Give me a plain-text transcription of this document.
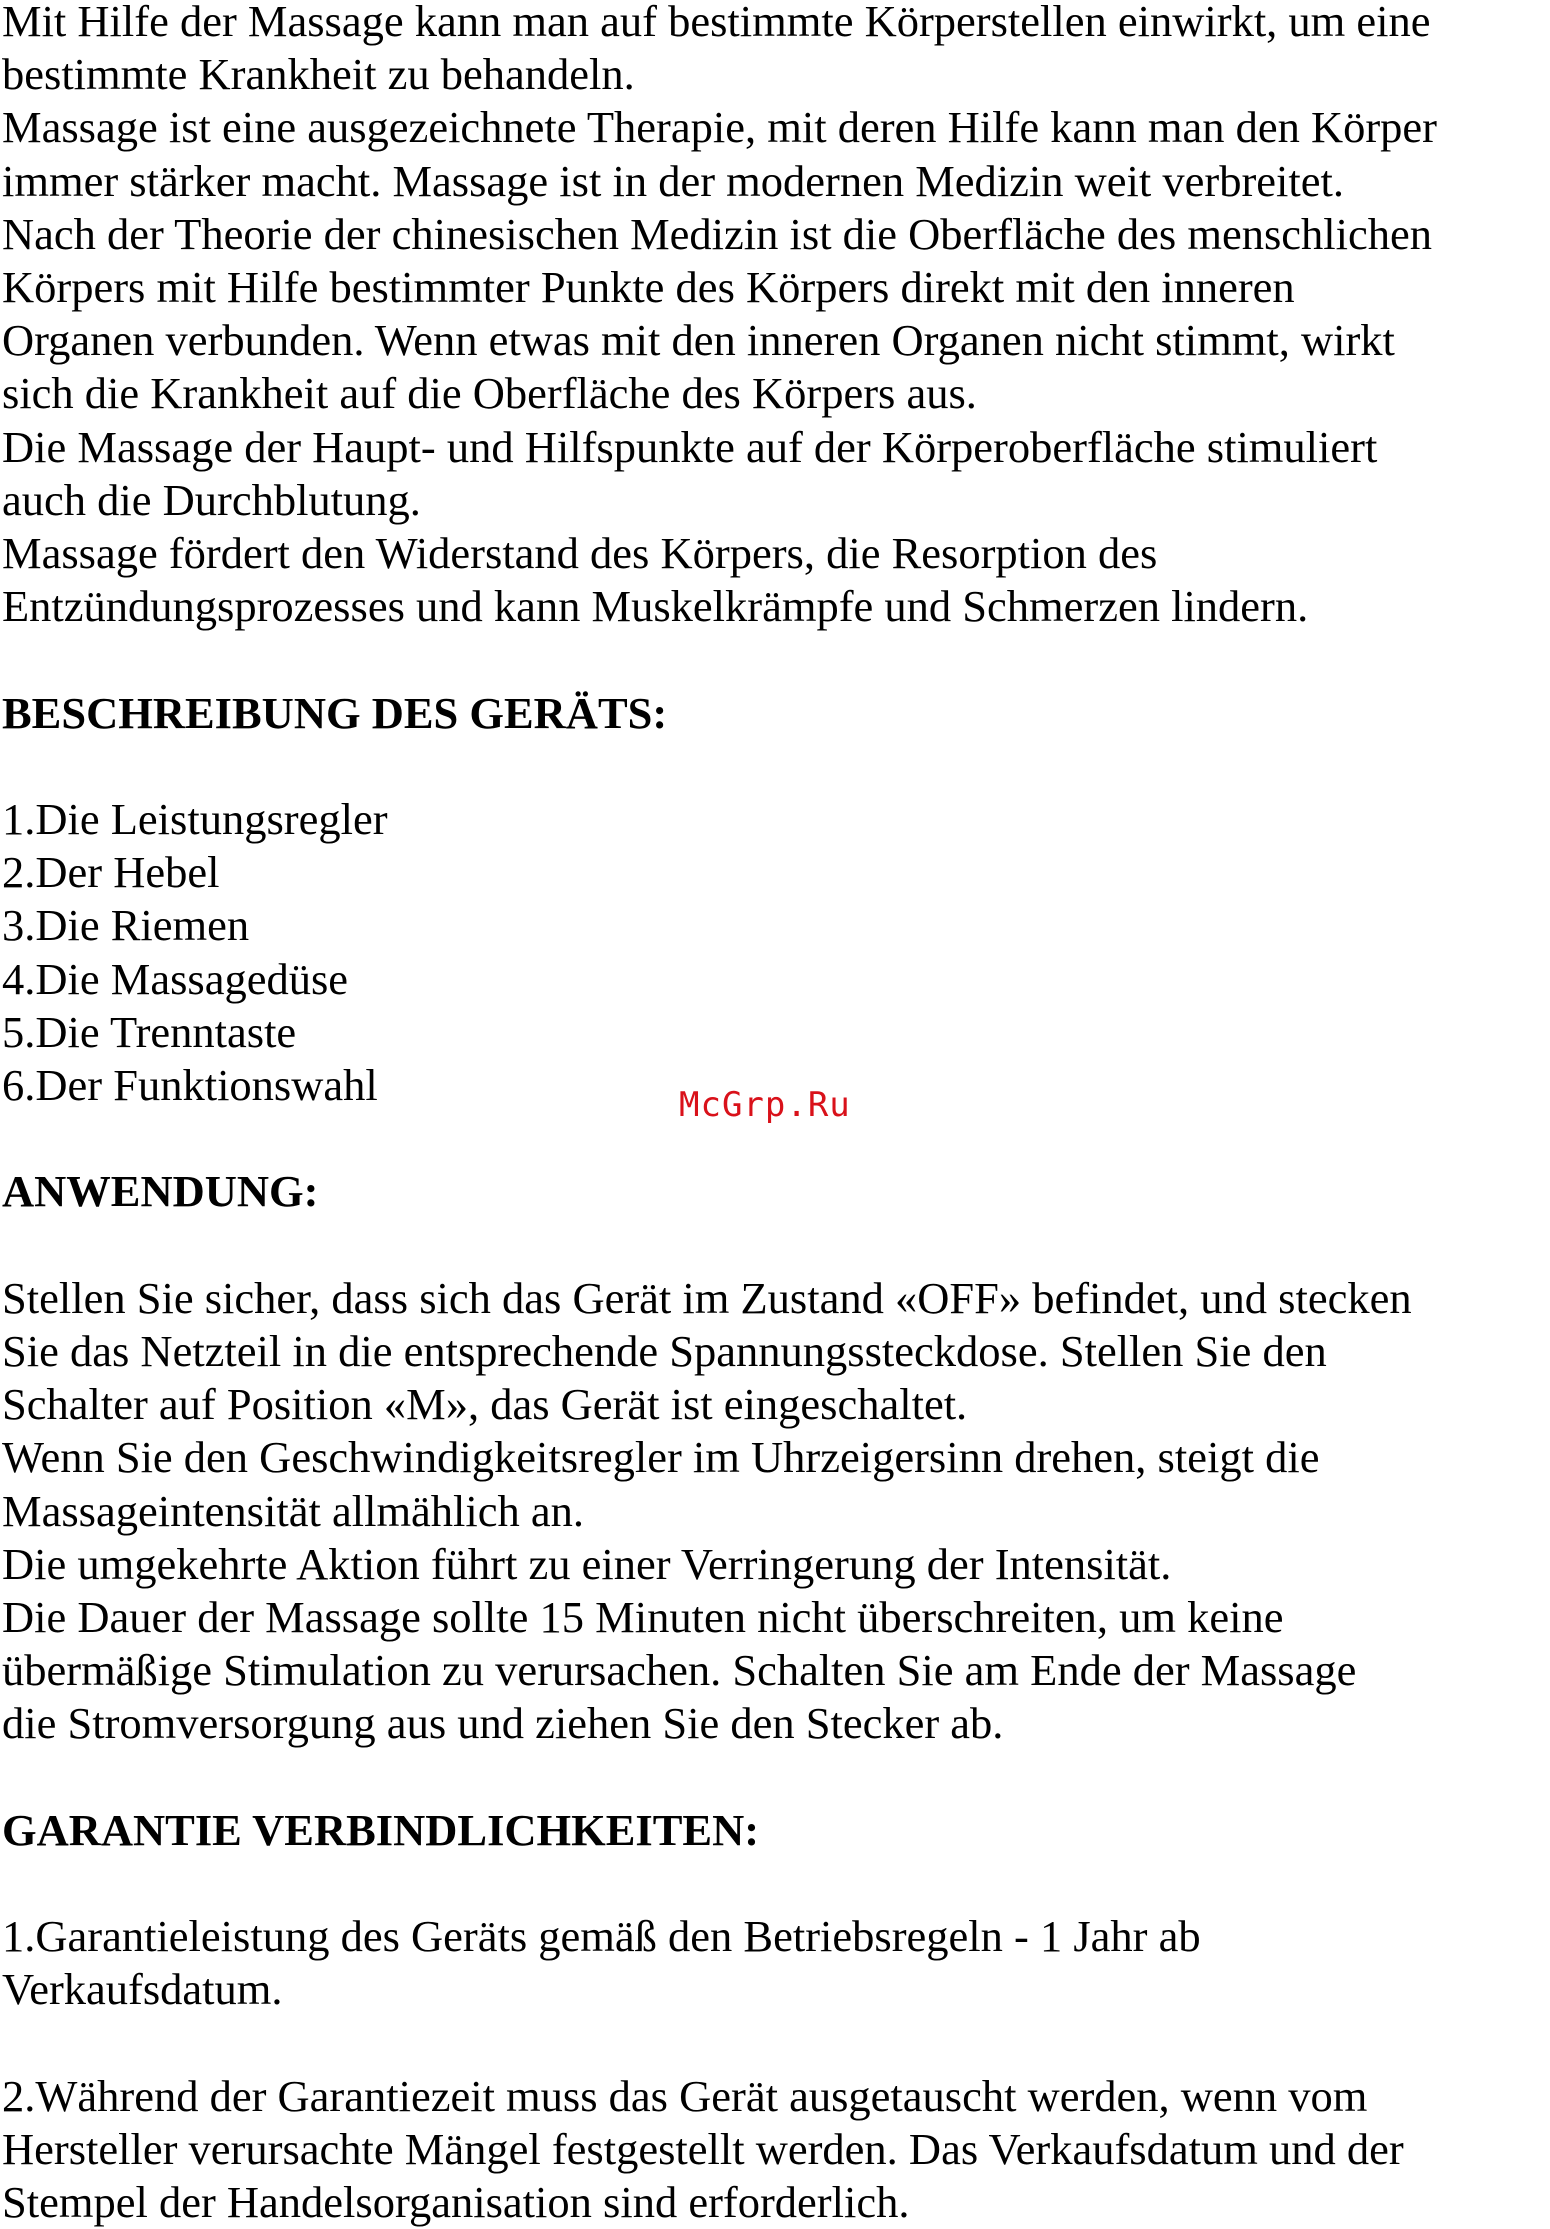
Mit Hilfe der Massage kann man auf bestimmte Körperstellen einwirkt, um eine
bestimmte Krankheit zu behandeln.
Massage ist eine ausgezeichnete Therapie, mit deren Hilfe kann man den Körper
immer stärker macht. Massage ist in der modernen Medizin weit verbreitet.
Nach der Theorie der chinesischen Medizin ist die Oberfläche des menschlichen
Körpers mit Hilfe bestimmter Punkte des Körpers direkt mit den inneren
Organen verbunden. Wenn etwas mit den inneren Organen nicht stimmt, wirkt
sich die Krankheit auf die Oberfläche des Körpers aus.
Die Massage der Haupt- und Hilfspunkte auf der Körperoberfläche stimuliert
auch die Durchblutung.
Massage fördert den Widerstand des Körpers, die Resorption des
Entzündungsprozesses und kann Muskelkrämpfe und Schmerzen lindern.
BESCHREIBUNG DES GERÄTS:
1.Die Leistungsregler
2.Der Hebel
3.Die Riemen
4.Die Massagedüse
5.Die Trenntaste
6.Der Funktionswahl
ANWENDUNG:
Stellen Sie sicher, dass sich das Gerät im Zustand «OFF» befindet, und stecken
Sie das Netzteil in die entsprechende Spannungssteckdose. Stellen Sie den
Schalter auf Position «M», das Gerät ist eingeschaltet.
Wenn Sie den Geschwindigkeitsregler im Uhrzeigersinn drehen, steigt die
Massageintensität allmählich an.
Die umgekehrte Aktion führt zu einer Verringerung der Intensität.
Die Dauer der Massage sollte 15 Minuten nicht überschreiten, um keine
übermäßige Stimulation zu verursachen. Schalten Sie am Ende der Massage
die Stromversorgung aus und ziehen Sie den Stecker ab.
GARANTIE VERBINDLICHKEITEN:
1.Garantieleistung des Geräts gemäß den Betriebsregeln - 1 Jahr ab
Verkaufsdatum.
2.Während der Garantiezeit muss das Gerät ausgetauscht werden, wenn vom
Hersteller verursachte Mängel festgestellt werden. Das Verkaufsdatum und der
Stempel der Handelsorganisation sind erforderlich.
McGrp.Ru
